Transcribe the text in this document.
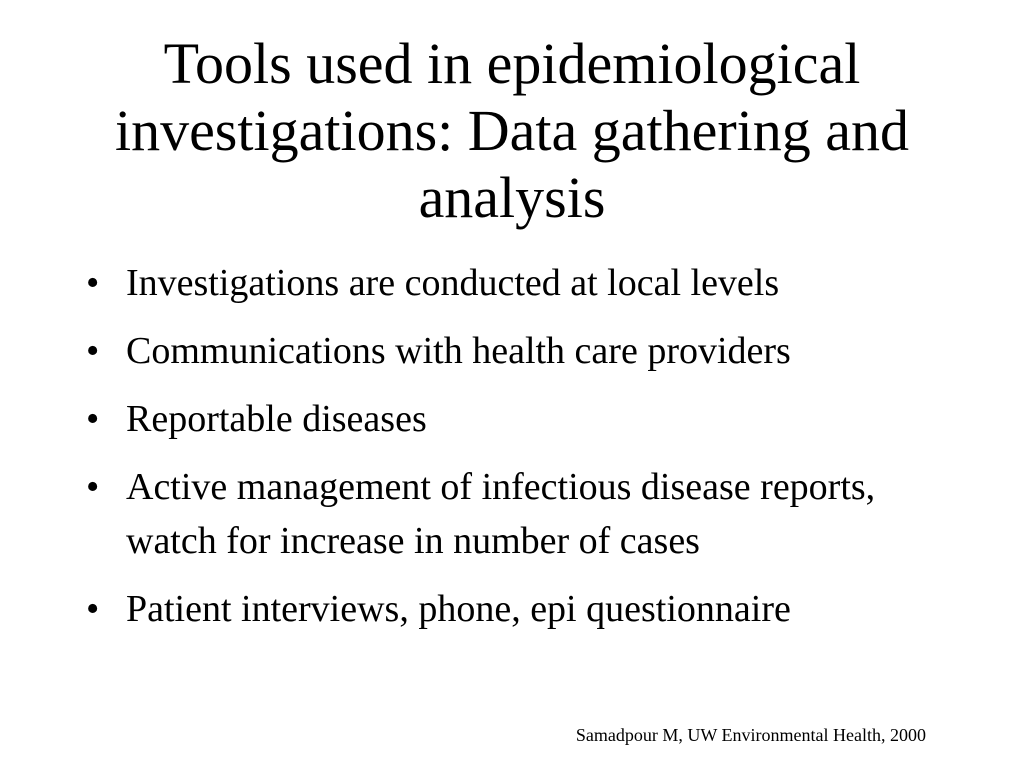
Tools used in epidemiological investigations: Data gathering and analysis
• Investigations are conducted at local levels
• Communications with health care providers
• Reportable diseases
• Active management of infectious disease reports, watch for increase in number of cases
• Patient interviews, phone, epi questionnaire

Samadpour M, UW Environmental Health, 2000
